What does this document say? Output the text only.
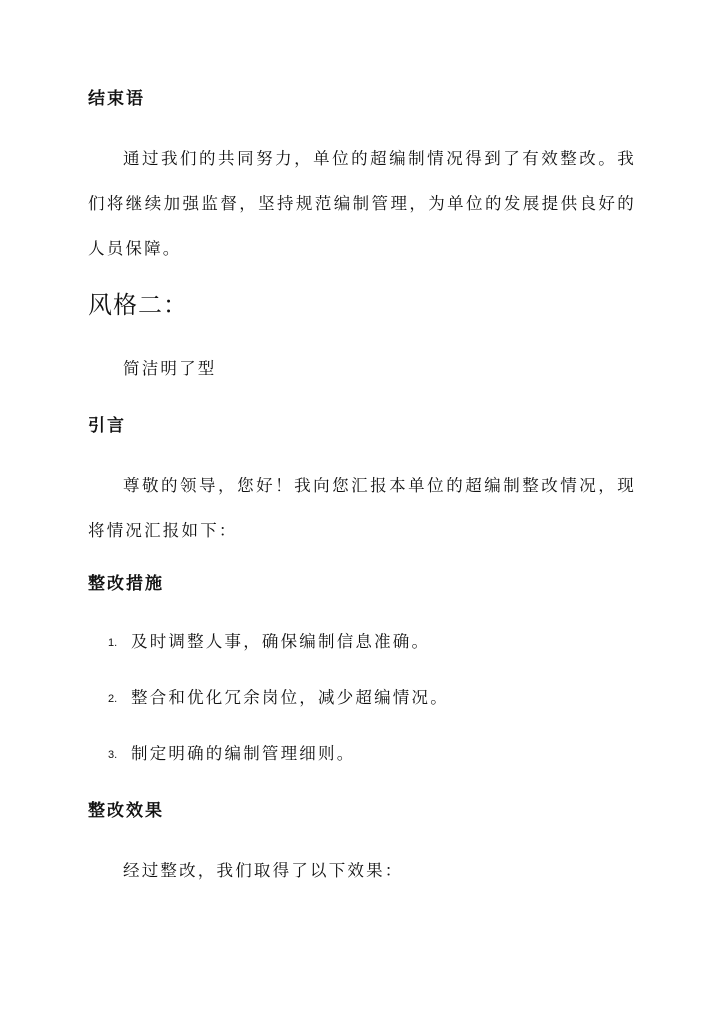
结束语

通过我们的共同努力，单位的超编制情况得到了有效整改。我们将继续加强监督，坚持规范编制管理，为单位的发展提供良好的人员保障。

风格二：

简洁明了型

引言

尊敬的领导，您好！我向您汇报本单位的超编制整改情况，现将情况汇报如下：

整改措施

1. 及时调整人事，确保编制信息准确。

2. 整合和优化冗余岗位，减少超编情况。

3. 制定明确的编制管理细则。

整改效果

经过整改，我们取得了以下效果：
